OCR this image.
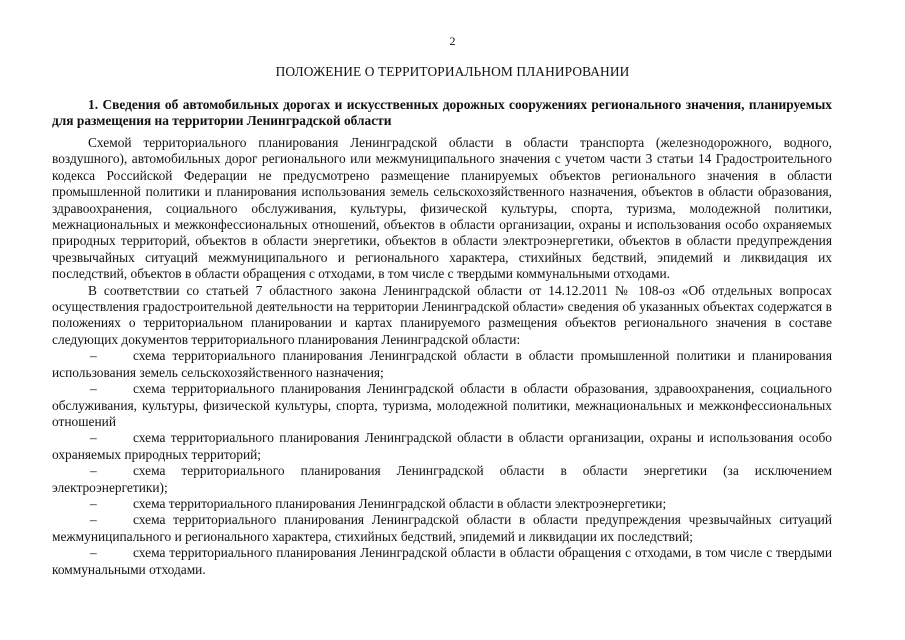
2
ПОЛОЖЕНИЕ О ТЕРРИТОРИАЛЬНОМ ПЛАНИРОВАНИИ
1. Сведения об автомобильных дорогах и искусственных дорожных сооружениях регионального значения, планируемых для размещения на территории Ленинградской области

Схемой территориального планирования Ленинградской области в области транспорта (железнодорожного, водного, воздушного), автомобильных дорог регионального или межмуниципального значения с учетом части 3 статьи 14 Градостроительного кодекса Российской Федерации не предусмотрено размещение планируемых объектов регионального значения в области промышленной политики и планирования использования земель сельскохозяйственного назначения, объектов в области образования, здравоохранения, социального обслуживания, культуры, физической культуры, спорта, туризма, молодежной политики, межнациональных и межконфессиональных отношений, объектов в области организации, охраны и использования особо охраняемых природных территорий, объектов в области энергетики, объектов в области электроэнергетики, объектов в области предупреждения чрезвычайных ситуаций межмуниципального и регионального характера, стихийных бедствий, эпидемий и ликвидация их последствий, объектов в области обращения с отходами, в том числе с твердыми коммунальными отходами.

В соответствии со статьей 7 областного закона Ленинградской области от 14.12.2011 № 108-оз «Об отдельных вопросах осуществления градостроительной деятельности на территории Ленинградской области» сведения об указанных объектах содержатся в положениях о территориальном планировании и картах планируемого размещения объектов регионального значения в составе следующих документов территориального планирования Ленинградской области:

–	схема территориального планирования Ленинградской области в области промышленной политики и планирования использования земель сельскохозяйственного назначения;
–	схема территориального планирования Ленинградской области в области образования, здравоохранения, социального обслуживания, культуры, физической культуры, спорта, туризма, молодежной политики, межнациональных и межконфессиональных отношений
–	схема территориального планирования Ленинградской области в области организации, охраны и использования особо охраняемых природных территорий;
–	схема территориального планирования Ленинградской области в области энергетики (за исключением электроэнергетики);
–	схема территориального планирования Ленинградской области в области электроэнергетики;
–	схема территориального планирования Ленинградской области в области предупреждения чрезвычайных ситуаций межмуниципального и регионального характера, стихийных бедствий, эпидемий и ликвидации их последствий;
–	схема территориального планирования Ленинградской области в области обращения с отходами, в том числе с твердыми коммунальными отходами.
